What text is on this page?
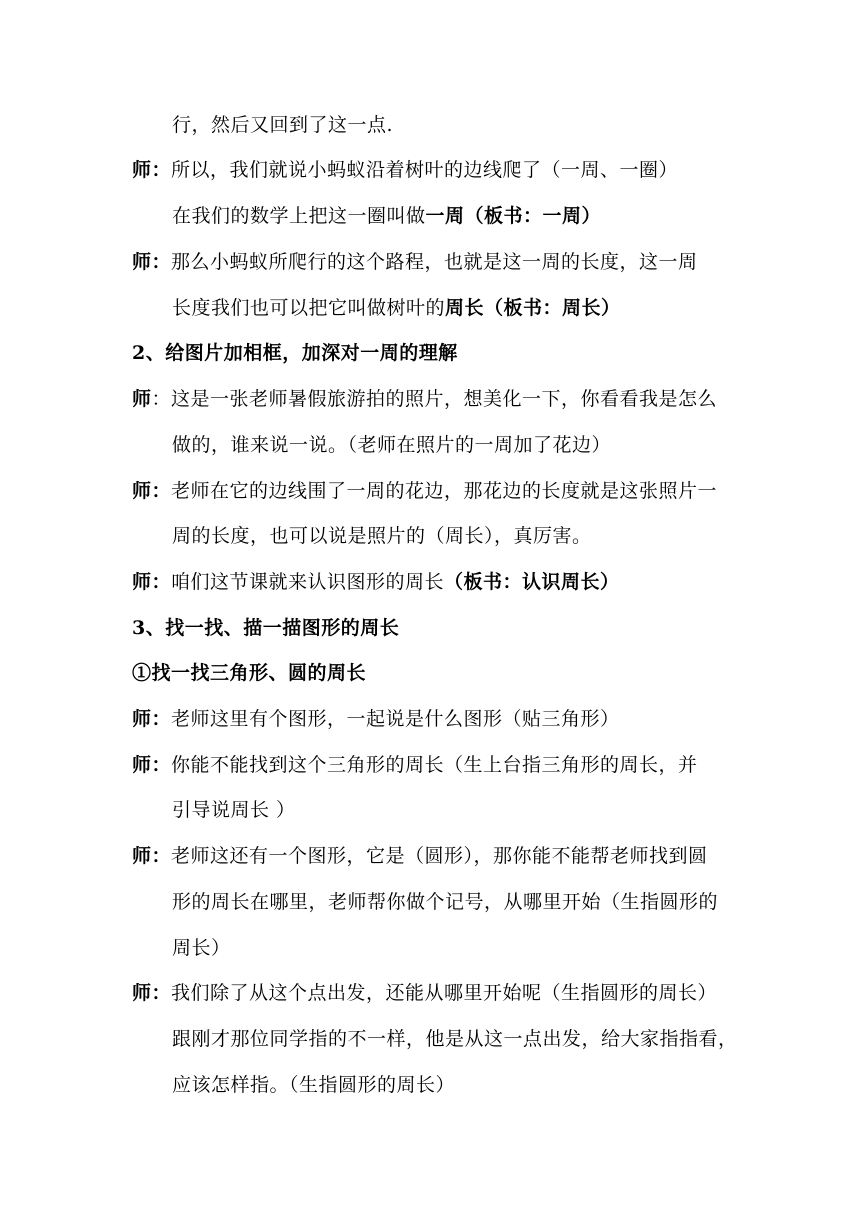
行，然后又回到了这一点.
师：所以，我们就说小蚂蚁沿着树叶的边线爬了（一周、一圈）
在我们的数学上把这一圈叫做一周（板书：一周）
师：那么小蚂蚁所爬行的这个路程，也就是这一周的长度，这一周
长度我们也可以把它叫做树叶的周长（板书：周长）
2、给图片加相框，加深对一周的理解
师：这是一张老师暑假旅游拍的照片，想美化一下，你看看我是怎么
做的，谁来说一说。（老师在照片的一周加了花边）
师：老师在它的边线围了一周的花边，那花边的长度就是这张照片一
周的长度，也可以说是照片的（周长），真厉害。
师：咱们这节课就来认识图形的周长（板书：认识周长）
3、找一找、描一描图形的周长
①找一找三角形、圆的周长
师：老师这里有个图形，一起说是什么图形（贴三角形）
师：你能不能找到这个三角形的周长（生上台指三角形的周长，并
引导说周长 ）
师：老师这还有一个图形，它是（圆形），那你能不能帮老师找到圆
形的周长在哪里，老师帮你做个记号，从哪里开始（生指圆形的
周长）
师：我们除了从这个点出发，还能从哪里开始呢（生指圆形的周长）
跟刚才那位同学指的不一样，他是从这一点出发，给大家指指看，
应该怎样指。（生指圆形的周长）
